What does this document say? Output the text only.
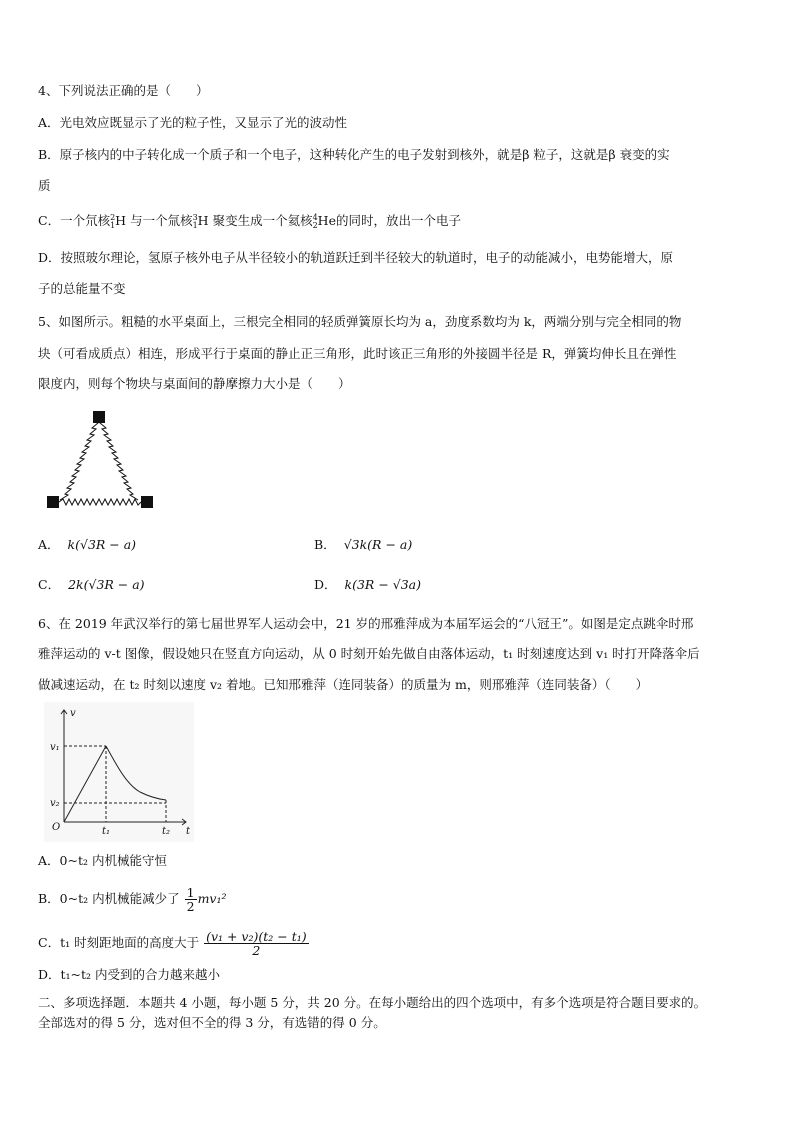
4、下列说法正确的是（　　）
A．光电效应既显示了光的粒子性，又显示了光的波动性
B．原子核内的中子转化成一个质子和一个电子，这种转化产生的电子发射到核外，就是β 粒子，这就是β 衰变的实
质
C．一个氘核 2
1 H 与一个氚核 3
1 H 聚变生成一个氦核 4
2 He的同时，放出一个电子
D．按照玻尔理论，氢原子核外电子从半径较小的轨道跃迁到半径较大的轨道时，电子的动能减小，电势能增大，原
子的总能量不变
5、如图所示。粗糙的水平桌面上，三根完全相同的轻质弹簧原长均为 a，劲度系数均为 k，两端分别与完全相同的物
块（可看成质点）相连，形成平行于桌面的静止正三角形，此时该正三角形的外接圆半径是 R，弹簧均伸长且在弹性
限度内，则每个物块与桌面间的静摩擦力大小是（　　）
A． k(√3R − a)	B． √3k(R − a)
C． 2k(√3R − a)	D． k(3R − √3a)
6、在 2019 年武汉举行的第七届世界军人运动会中，21 岁的邢雅萍成为本届军运会的“八冠王”。如图是定点跳伞时邢
雅萍运动的 v-t 图像，假设她只在竖直方向运动，从 0 时刻开始先做自由落体运动，t₁ 时刻速度达到 v₁ 时打开降落伞后
做减速运动，在 t₂ 时刻以速度 v₂ 着地。已知邢雅萍（连同装备）的质量为 m，则邢雅萍（连同装备）（　　）
v
v₁
v₂
O	t₁	t₂ t
A．0~t₂ 内机械能守恒
B．0~t₂ 内机械能减少了 $\frac{1}{2} mv_1^2$
C．t₁ 时刻距地面的高度大于 $\frac{\text{(v₁ + v₂)(t₂ − t₁)}}{2}$
D．t₁~t₂ 内受到的合力越来越小
二、多项选择题．本题共 4 小题，每小题 5 分，共 20 分。在每小题给出的四个选项中，有多个选项是符合题目要求的。
全部选对的得 5 分，选对但不全的得 3 分，有选错的得 0 分。
